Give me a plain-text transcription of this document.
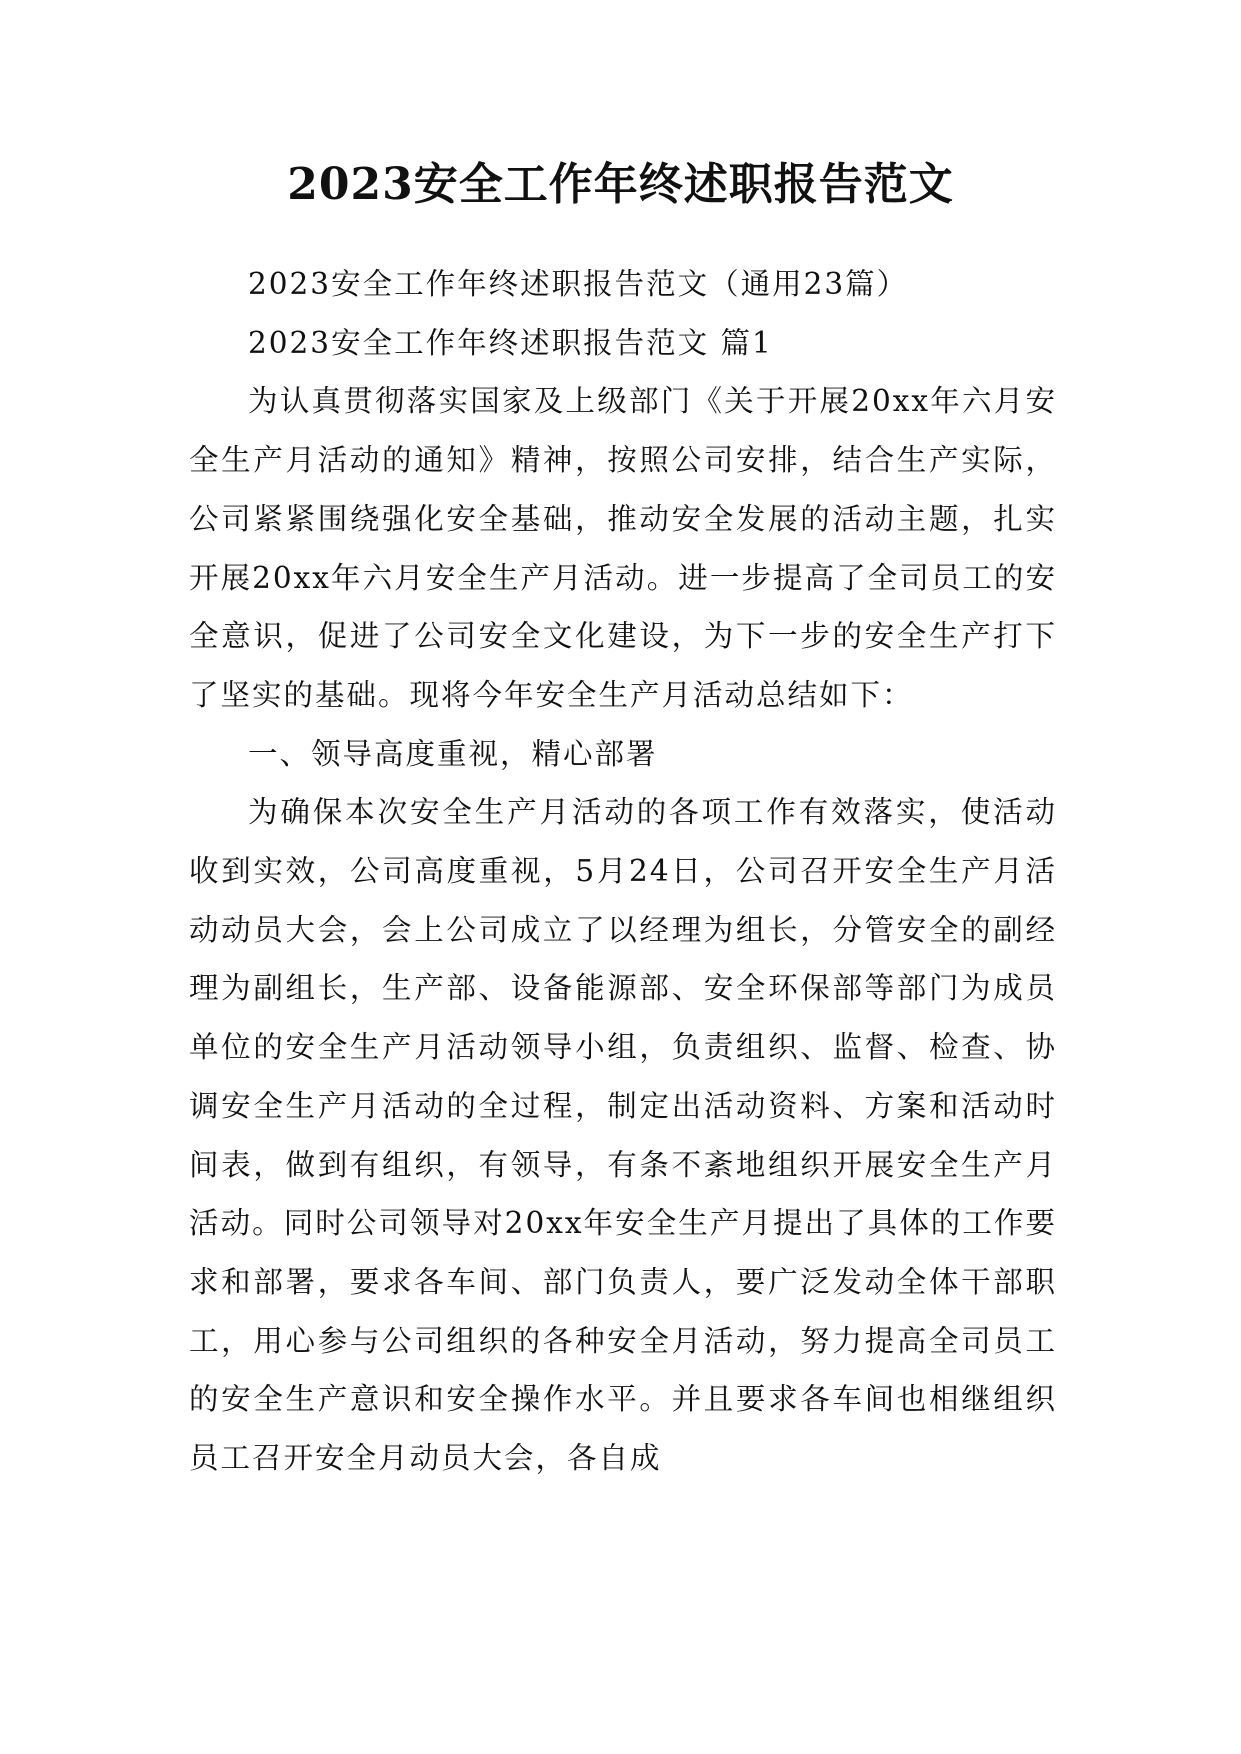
2023安全工作年终述职报告范文

2023安全工作年终述职报告范文（通用23篇）

2023安全工作年终述职报告范文 篇1

为认真贯彻落实国家及上级部门《关于开展20xx年六月安全生产月活动的通知》精神，按照公司安排，结合生产实际，公司紧紧围绕强化安全基础，推动安全发展的活动主题，扎实开展20xx年六月安全生产月活动。进一步提高了全司员工的安全意识，促进了公司安全文化建设，为下一步的安全生产打下了坚实的基础。现将今年安全生产月活动总结如下：

一、领导高度重视，精心部署

为确保本次安全生产月活动的各项工作有效落实，使活动收到实效，公司高度重视，5月24日，公司召开安全生产月活动动员大会，会上公司成立了以经理为组长，分管安全的副经理为副组长，生产部、设备能源部、安全环保部等部门为成员单位的安全生产月活动领导小组，负责组织、监督、检查、协调安全生产月活动的全过程，制定出活动资料、方案和活动时间表，做到有组织，有领导，有条不紊地组织开展安全生产月活动。同时公司领导对20xx年安全生产月提出了具体的工作要求和部署，要求各车间、部门负责人，要广泛发动全体干部职工，用心参与公司组织的各种安全月活动，努力提高全司员工的安全生产意识和安全操作水平。并且要求各车间也相继组织员工召开安全月动员大会，各自成
